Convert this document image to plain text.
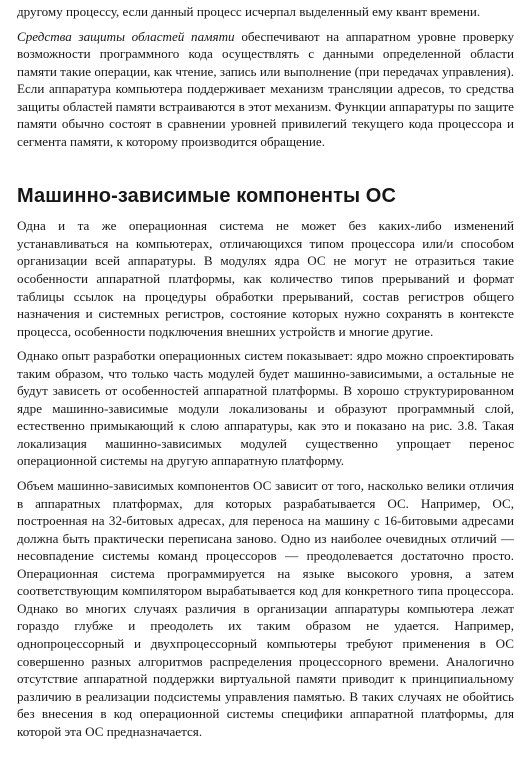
другому процессу, если данный процесс исчерпал выделенный ему квант времени.

Средства защиты областей памяти обеспечивают на аппаратном уровне проверку возможности программного кода осуществлять с данными определенной области памяти такие операции, как чтение, запись или выполнение (при передачах управления). Если аппаратура компьютера поддерживает механизм трансляции адресов, то средства защиты областей памяти встраиваются в этот механизм. Функции аппаратуры по защите памяти обычно состоят в сравнении уровней привилегий текущего кода процессора и сегмента памяти, к которому производится обращение.

Машинно-зависимые компоненты ОС

Одна и та же операционная система не может без каких-либо изменений устанавливаться на компьютерах, отличающихся типом процессора или/и способом организации всей аппаратуры. В модулях ядра ОС не могут не отразиться такие особенности аппаратной платформы, как количество типов прерываний и формат таблицы ссылок на процедуры обработки прерываний, состав регистров общего назначения и системных регистров, состояние которых нужно сохранять в контексте процесса, особенности подключения внешних устройств и многие другие.

Однако опыт разработки операционных систем показывает: ядро можно спроектировать таким образом, что только часть модулей будет машинно-зависимыми, а остальные не будут зависеть от особенностей аппаратной платформы. В хорошо структурированном ядре машинно-зависимые модули локализованы и образуют программный слой, естественно примыкающий к слою аппаратуры, как это и показано на рис. 3.8. Такая локализация машинно-зависимых модулей существенно упрощает перенос операционной системы на другую аппаратную платформу.

Объем машинно-зависимых компонентов ОС зависит от того, насколько велики отличия в аппаратных платформах, для которых разрабатывается ОС. Например, ОС, построенная на 32-битовых адресах, для переноса на машину с 16-битовыми адресами должна быть практически переписана заново. Одно из наиболее очевидных отличий — несовпадение системы команд процессоров — преодолевается достаточно просто. Операционная система программируется на языке высокого уровня, а затем соответствующим компилятором вырабатывается код для конкретного типа процессора. Однако во многих случаях различия в организации аппаратуры компьютера лежат гораздо глубже и преодолеть их таким образом не удается. Например, однопроцессорный и двухпроцессорный компьютеры требуют применения в ОС совершенно разных алгоритмов распределения процессорного времени. Аналогично отсутствие аппаратной поддержки виртуальной памяти приводит к принципиальному различию в реализации подсистемы управления памятью. В таких случаях не обойтись без внесения в код операционной системы специфики аппаратной платформы, для которой эта ОС предназначается.
